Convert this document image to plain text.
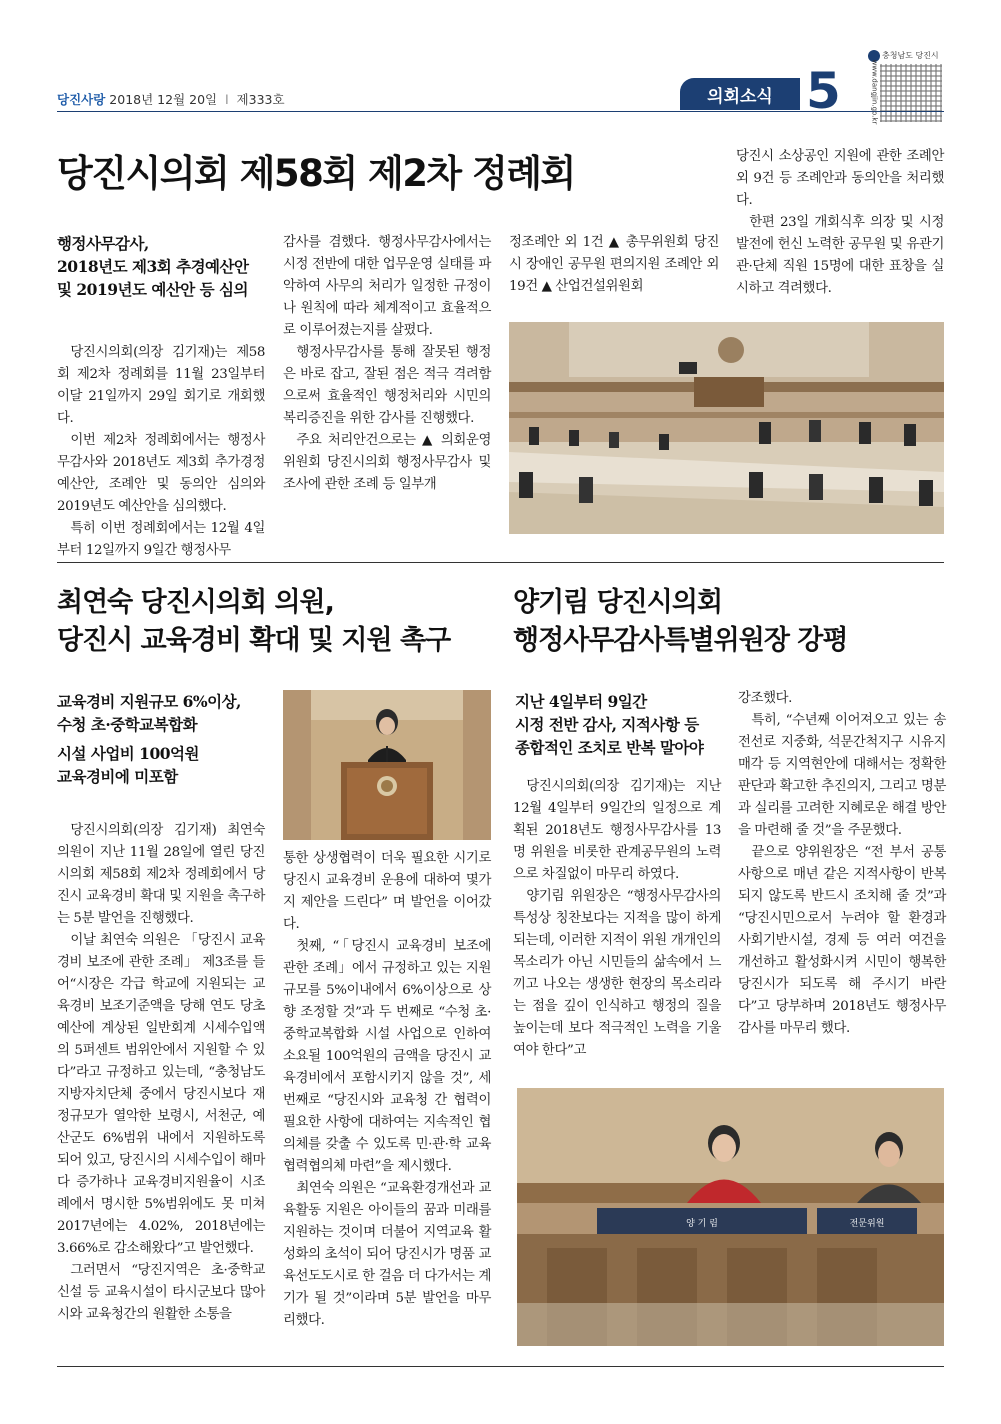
당진사랑 2018년 12월 20일 l 제333호	의회소식 5
충청남도 당진시
www.dangjin.go.kr
당진시의회 제58회 제2차 정례회
행정사무감사,
2018년도 제3회 추경예산안
및 2019년도 예산안 등 심의

당진시의회(의장 김기재)는 제58회 제2차 정례회를 11월 23일부터 이달 21일까지 29일 회기로 개회했다.

이번 제2차 정례회에서는 행정사무감사와 2018년도 제3회 추가경정예산안, 조례안 및 동의안 심의와 2019년도 예산안을 심의했다.

특히 이번 정례회에서는 12월 4일부터 12일까지 9일간 행정사무

감사를 겸했다. 행정사무감사에서는 시정 전반에 대한 업무운영 실태를 파악하여 사무의 처리가 일정한 규정이나 원칙에 따라 체계적이고 효율적으로 이루어졌는지를 살폈다.

행정사무감사를 통해 잘못된 행정은 바로 잡고, 잘된 점은 적극 격려함으로써 효율적인 행정처리와 시민의 복리증진을 위한 감사를 진행했다.

주요 처리안건으로는 ▲ 의회운영위원회 당진시의회 행정사무감사 및 조사에 관한 조례 등 일부개

정조례안 외 1건 ▲ 총무위원회 당진시 장애인 공무원 편의지원 조례안 외 19건 ▲ 산업건설위원회

당진시 소상공인 지원에 관한 조례안 외 9건 등 조례안과 동의안을 처리했다.

한편 23일 개회식후 의장 및 시정발전에 헌신 노력한 공무원 및 유관기관·단체 직원 15명에 대한 표창을 실시하고 격려했다.

최연숙 당진시의회 의원,
당진시 교육경비 확대 및 지원 촉구
교육경비 지원규모 6%이상,
수청 초·중학교복합화
시설 사업비 100억원
교육경비에 미포함

당진시의회(의장 김기재) 최연숙 의원이 지난 11월 28일에 열린 당진시의회 제58회 제2차 정례회에서 당진시 교육경비 확대 및 지원을 촉구하는 5분 발언을 진행했다.

이날 최연숙 의원은 「당진시 교육경비 보조에 관한 조례」 제3조를 들어“시장은 각급 학교에 지원되는 교육경비 보조기준액을 당해 연도 당초예산에 계상된 일반회계 시세수입액의 5퍼센트 범위안에서 지원할 수 있다”라고 규정하고 있는데, “충청남도 지방자치단체 중에서 당진시보다 재정규모가 열악한 보령시, 서천군, 예산군도 6%범위 내에서 지원하도록 되어 있고, 당진시의 시세수입이 해마다 증가하나 교육경비지원율이 시조례에서 명시한 5%범위에도 못 미쳐 2017년에는 4.02%, 2018년에는 3.66%로 감소해왔다”고 발언했다.

그러면서 “당진지역은 초·중학교 신설 등 교육시설이 타시군보다 많아 시와 교육청간의 원활한 소통을

통한 상생협력이 더욱 필요한 시기로 당진시 교육경비 운용에 대하여 몇가지 제안을 드린다” 며 발언을 이어갔다.

첫째, “「당진시 교육경비 보조에 관한 조례」에서 규정하고 있는 지원규모를 5%이내에서 6%이상으로 상향 조정할 것”과 두 번째로 “수청 초·중학교복합화 시설 사업으로 인하여 소요될 100억원의 금액을 당진시 교육경비에서 포함시키지 않을 것”, 세 번째로 “당진시와 교육청 간 협력이 필요한 사항에 대하여는 지속적인 협의체를 갖출 수 있도록 민·관·학 교육협력협의체 마련”을 제시했다.

최연숙 의원은 “교육환경개선과 교육활동 지원은 아이들의 꿈과 미래를 지원하는 것이며 더불어 지역교육 활성화의 초석이 되어 당진시가 명품 교육선도도시로 한 걸음 더 다가서는 계기가 될 것”이라며 5분 발언을 마무리했다.

양기림 당진시의회
행정사무감사특별위원장 강평
지난 4일부터 9일간
시정 전반 감사, 지적사항 등
종합적인 조치로 반복 말아야

당진시의회(의장 김기재)는 지난 12월 4일부터 9일간의 일정으로 계획된 2018년도 행정사무감사를 13명 위원을 비롯한 관계공무원의 노력으로 차질없이 마무리 하였다.

양기림 위원장은 “행정사무감사의 특성상 칭찬보다는 지적을 많이 하게 되는데, 이러한 지적이 위원 개개인의 목소리가 아닌 시민들의 삶속에서 느끼고 나오는 생생한 현장의 목소리라는 점을 깊이 인식하고 행정의 질을 높이는데 보다 적극적인 노력을 기울여야 한다”고

강조했다.

특히, “수년째 이어져오고 있는 송전선로 지중화, 석문간척지구 시유지 매각 등 지역현안에 대해서는 정확한 판단과 확고한 추진의지, 그리고 명분과 실리를 고려한 지혜로운 해결 방안을 마련해 줄 것”을 주문했다.

끝으로 양위원장은 “전 부서 공통사항으로 매년 같은 지적사항이 반복되지 않도록 반드시 조치해 줄 것”과 “당진시민으로서 누려야 할 환경과 사회기반시설, 경제 등 여러 여건을 개선하고 활성화시켜 시민이 행복한 당진시가 되도록 해 주시기 바란다”고 당부하며 2018년도 행정사무감사를 마무리 했다.

양 기 림	전문위원
